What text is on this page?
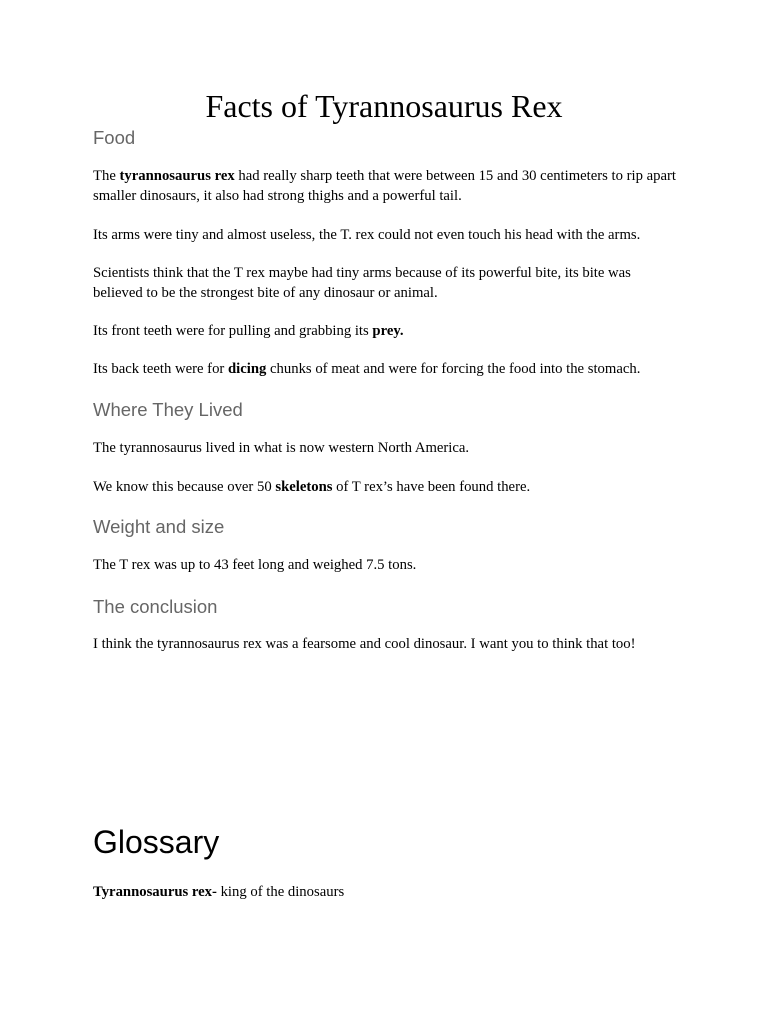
Facts of Tyrannosaurus Rex
Food

The tyrannosaurus rex had really sharp teeth that were between 15 and 30 centimeters to rip apart smaller dinosaurs, it also had strong thighs and a powerful tail.

Its arms were tiny and almost useless, the T. rex could not even touch his head with the arms.

Scientists think that the T rex maybe had tiny arms because of its powerful bite, its bite was believed to be the strongest bite of any dinosaur or animal.

Its front teeth were for pulling and grabbing its prey.

Its back teeth were for dicing chunks of meat and were for forcing the food into the stomach.

Where They Lived

The tyrannosaurus lived in what is now western North America.

We know this because over 50 skeletons of T rex’s have been found there.

Weight and size

The T rex was up to 43 feet long and weighed 7.5 tons.

The conclusion

I think the tyrannosaurus rex was a fearsome and cool dinosaur. I want you to think that too!

Glossary

Tyrannosaurus rex- king of the dinosaurs
